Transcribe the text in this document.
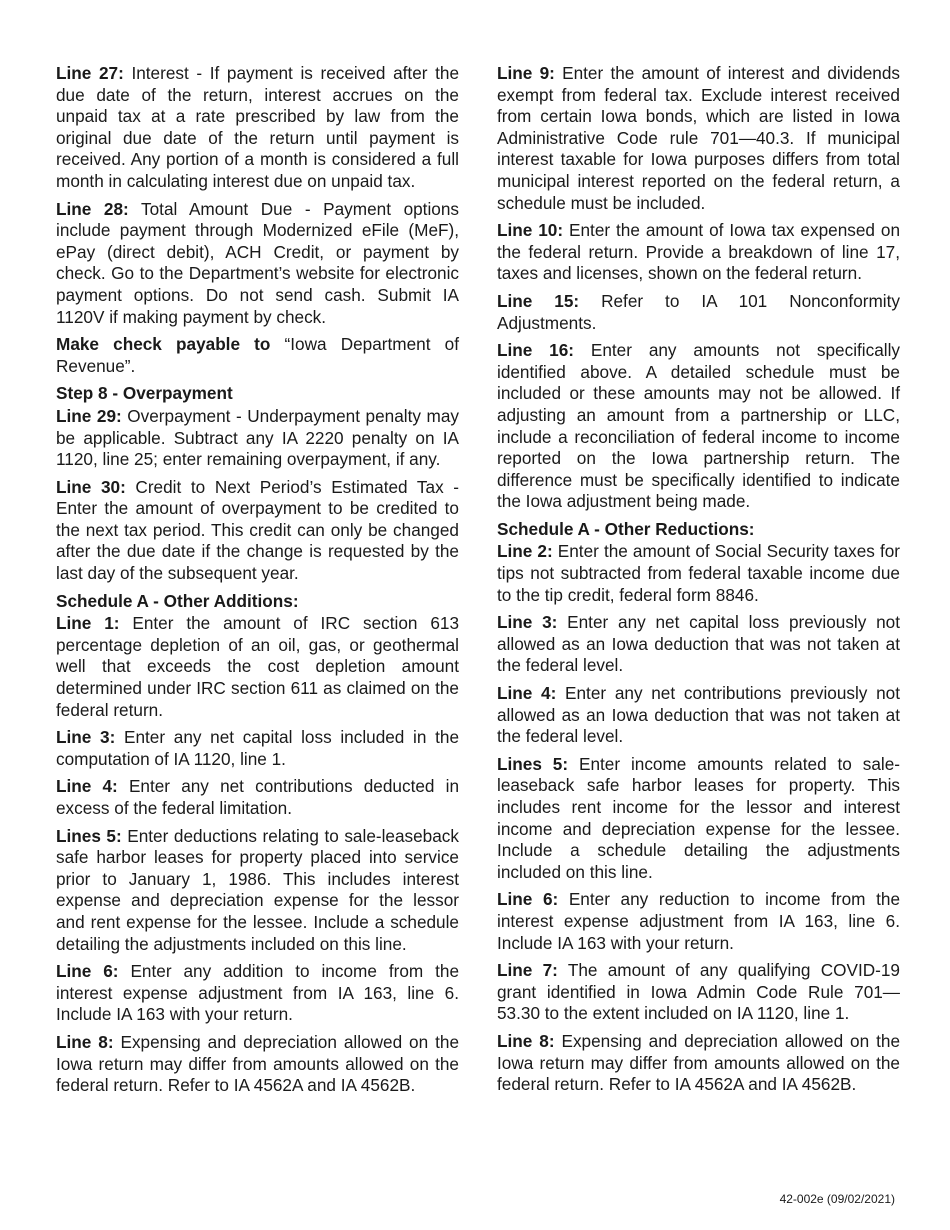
Line 27: Interest - If payment is received after the due date of the return, interest accrues on the unpaid tax at a rate prescribed by law from the original due date of the return until payment is received. Any portion of a month is considered a full month in calculating interest due on unpaid tax.

Line 28: Total Amount Due - Payment options include payment through Modernized eFile (MeF), ePay (direct debit), ACH Credit, or payment by check. Go to the Department’s website for electronic payment options. Do not send cash. Submit IA 1120V if making payment by check.

Make check payable to “Iowa Department of Revenue”.

Step 8 - Overpayment

Line 29: Overpayment - Underpayment penalty may be applicable. Subtract any IA 2220 penalty on IA 1120, line 25; enter remaining overpayment, if any.

Line 30: Credit to Next Period’s Estimated Tax - Enter the amount of overpayment to be credited to the next tax period. This credit can only be changed after the due date if the change is requested by the last day of the subsequent year.

Schedule A - Other Additions:

Line 1: Enter the amount of IRC section 613 percentage depletion of an oil, gas, or geothermal well that exceeds the cost depletion amount determined under IRC section 611 as claimed on the federal return.

Line 3: Enter any net capital loss included in the computation of IA 1120, line 1.

Line 4: Enter any net contributions deducted in excess of the federal limitation.

Lines 5: Enter deductions relating to sale-leaseback safe harbor leases for property placed into service prior to January 1, 1986. This includes interest expense and depreciation expense for the lessor and rent expense for the lessee. Include a schedule detailing the adjustments included on this line.

Line 6: Enter any addition to income from the interest expense adjustment from IA 163, line 6. Include IA 163 with your return.

Line 8: Expensing and depreciation allowed on the Iowa return may differ from amounts allowed on the federal return. Refer to IA 4562A and IA 4562B.

Line 9: Enter the amount of interest and dividends exempt from federal tax. Exclude interest received from certain Iowa bonds, which are listed in Iowa Administrative Code rule 701—40.3. If municipal interest taxable for Iowa purposes differs from total municipal interest reported on the federal return, a schedule must be included.

Line 10: Enter the amount of Iowa tax expensed on the federal return. Provide a breakdown of line 17, taxes and licenses, shown on the federal return.

Line 15: Refer to IA 101 Nonconformity Adjustments.

Line 16: Enter any amounts not specifically identified above. A detailed schedule must be included or these amounts may not be allowed. If adjusting an amount from a partnership or LLC, include a reconciliation of federal income to income reported on the Iowa partnership return. The difference must be specifically identified to indicate the Iowa adjustment being made.

Schedule A - Other Reductions:

Line 2: Enter the amount of Social Security taxes for tips not subtracted from federal taxable income due to the tip credit, federal form 8846.

Line 3: Enter any net capital loss previously not allowed as an Iowa deduction that was not taken at the federal level.

Line 4: Enter any net contributions previously not allowed as an Iowa deduction that was not taken at the federal level.

Lines 5: Enter income amounts related to sale-leaseback safe harbor leases for property. This includes rent income for the lessor and interest income and depreciation expense for the lessee. Include a schedule detailing the adjustments included on this line.

Line 6: Enter any reduction to income from the interest expense adjustment from IA 163, line 6. Include IA 163 with your return.

Line 7: The amount of any qualifying COVID-19 grant identified in Iowa Admin Code Rule 701—53.30 to the extent included on IA 1120, line 1.

Line 8: Expensing and depreciation allowed on the Iowa return may differ from amounts allowed on the federal return. Refer to IA 4562A and IA 4562B.

42-002e (09/02/2021)
